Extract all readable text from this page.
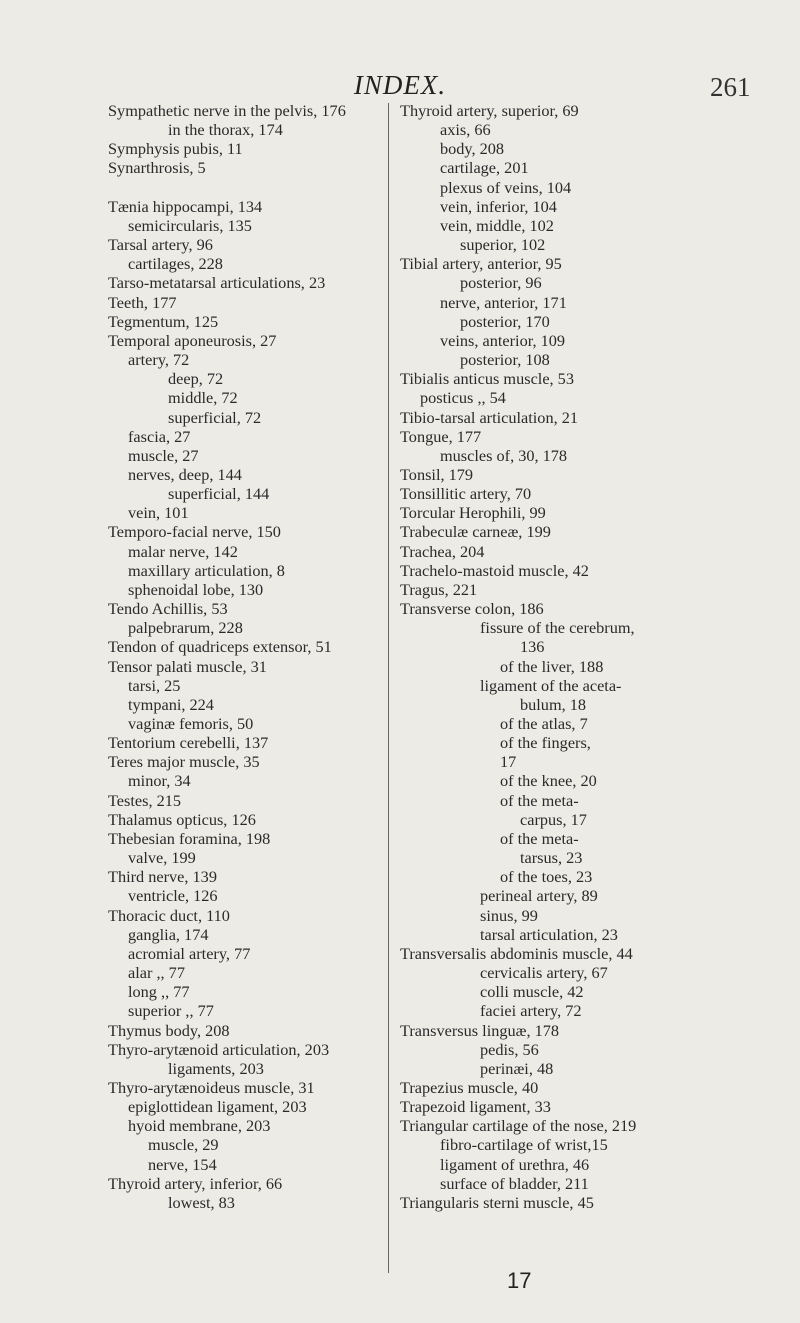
INDEX.	261
Sympathetic nerve in the pelvis, 176
in the thorax, 174
Symphysis pubis, 11
Synarthrosis, 5

Tænia hippocampi, 134
semicircularis, 135
Tarsal artery, 96
cartilages, 228
Tarso-metatarsal articulations, 23
Teeth, 177
Tegmentum, 125
Temporal aponeurosis, 27
artery, 72
deep, 72
middle, 72
superficial, 72
fascia, 27
muscle, 27
nerves, deep, 144
superficial, 144
vein, 101
Temporo-facial nerve, 150
malar nerve, 142
maxillary articulation, 8
sphenoidal lobe, 130
Tendo Achillis, 53
palpebrarum, 228
Tendon of quadriceps extensor, 51
Tensor palati muscle, 31
tarsi, 25
tympani, 224
vaginæ femoris, 50
Tentorium cerebelli, 137
Teres major muscle, 35
minor, 34
Testes, 215
Thalamus opticus, 126
Thebesian foramina, 198
valve, 199
Third nerve, 139
ventricle, 126
Thoracic duct, 110
ganglia, 174
acromial artery, 77
alar ,, 77
long ,, 77
superior ,, 77
Thymus body, 208
Thyro-arytænoid articulation, 203
ligaments, 203
Thyro-arytænoideus muscle, 31
epiglottidean ligament, 203
hyoid membrane, 203
muscle, 29
nerve, 154
Thyroid artery, inferior, 66
lowest, 83
Thyroid artery, superior, 69
axis, 66
body, 208
cartilage, 201
plexus of veins, 104
vein, inferior, 104
vein, middle, 102
superior, 102
Tibial artery, anterior, 95
posterior, 96
nerve, anterior, 171
posterior, 170
veins, anterior, 109
posterior, 108
Tibialis anticus muscle, 53
posticus ,, 54
Tibio-tarsal articulation, 21
Tongue, 177
muscles of, 30, 178
Tonsil, 179
Tonsillitic artery, 70
Torcular Herophili, 99
Trabeculæ carneæ, 199
Trachea, 204
Trachelo-mastoid muscle, 42
Tragus, 221
Transverse colon, 186
fissure of the cerebrum,
136
of the liver, 188
ligament of the aceta-
bulum, 18
of the atlas, 7
of the fingers,
17
of the knee, 20
of the meta-
carpus, 17
of the meta-
tarsus, 23
of the toes, 23
perineal artery, 89
sinus, 99
tarsal articulation, 23
Transversalis abdominis muscle, 44
cervicalis artery, 67
colli muscle, 42
faciei artery, 72
Transversus linguæ, 178
pedis, 56
perinæi, 48
Trapezius muscle, 40
Trapezoid ligament, 33
Triangular cartilage of the nose, 219
fibro-cartilage of wrist,15
ligament of urethra, 46
surface of bladder, 211
Triangularis sterni muscle, 45
17
